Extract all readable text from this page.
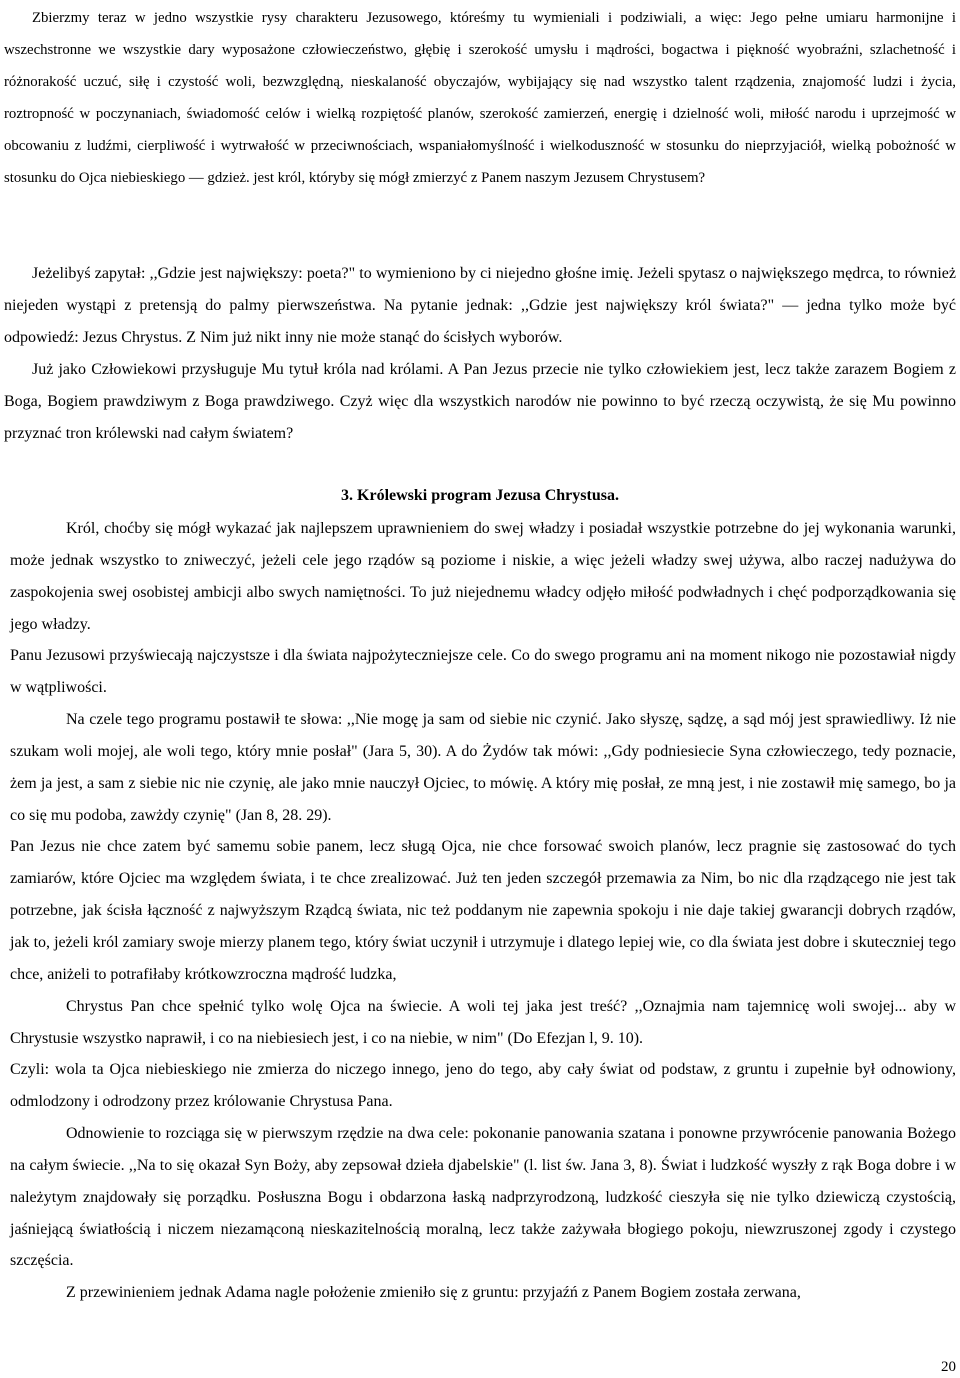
Zbierzmy teraz w jedno wszystkie rysy charakteru Jezusowego, któreśmy tu wymieniali i podziwiali, a więc: Jego pełne umiaru harmonijne i wszechstronne we wszystkie dary wyposażone człowieczeństwo, głębię i szerokość umysłu i mądrości, bogactwa i piękność wyobraźni, szlachetność i różnorakość uczuć, siłę i czystość woli, bezwzględną, nieskalaność obyczajów, wybijający się nad wszystko talent rządzenia, znajomość ludzi i życia, roztropność w poczynaniach, świadomość celów i wielką rozpiętość planów, szerokość zamierzeń, energię i dzielność woli, miłość narodu i uprzejmość w obcowaniu z ludźmi, cierpliwość i wytrwałość w przeciwnościach, wspaniałomyślność i wielkoduszność w stosunku do nieprzyjaciół, wielką pobożność w stosunku do Ojca niebieskiego — gdzież. jest król, któryby się mógł zmierzyć z Panem naszym Jezusem Chrystusem?

Jeżelibyś zapytał: ,,Gdzie jest największy: poeta?" to wymieniono by ci niejedno głośne imię. Jeżeli spytasz o największego mędrca, to również niejeden wystąpi z pretensją do palmy pierwszeństwa. Na pytanie jednak: ,,Gdzie jest największy król świata?" — jedna tylko może być odpowiedź: Jezus Chrystus. Z Nim już nikt inny nie może stanąć do ścisłych wyborów.

Już jako Człowiekowi przysługuje Mu tytuł króla nad królami. A Pan Jezus przecie nie tylko człowiekiem jest, lecz także zarazem Bogiem z Boga, Bogiem prawdziwym z Boga prawdziwego. Czyż więc dla wszystkich narodów nie powinno to być rzeczą oczywistą, że się Mu powinno przyznać tron królewski nad całym światem?

3. Królewski program Jezusa Chrystusa.

Król, choćby się mógł wykazać jak najlepszem uprawnieniem do swej władzy i posiadał wszystkie potrzebne do jej wykonania warunki, może jednak wszystko to zniweczyć, jeżeli cele jego rządów są poziome i niskie, a więc jeżeli władzy swej używa, albo raczej nadużywa do zaspokojenia swej osobistej ambicji albo swych namiętności. To już niejednemu władcy odjęło miłość podwładnych i chęć podporządkowania się jego władzy.

Panu Jezusowi przyświecają najczystsze i dla świata najpożyteczniejsze cele. Co do swego programu ani na moment nikogo nie pozostawiał nigdy w wątpliwości.

Na czele tego programu postawił te słowa: ,,Nie mogę ja sam od siebie nic czynić. Jako słyszę, sądzę, a sąd mój jest sprawiedliwy. Iż nie szukam woli mojej, ale woli tego, który mnie posłał" (Jara 5, 30). A do Żydów tak mówi: ,,Gdy podniesiecie Syna człowieczego, tedy poznacie, żem ja jest, a sam z siebie nic nie czynię, ale jako mnie nauczył Ojciec, to mówię. A który mię posłał, ze mną jest, i nie zostawił mię samego, bo ja co się mu podoba, zawżdy czynię" (Jan 8, 28. 29).

Pan Jezus nie chce zatem być samemu sobie panem, lecz sługą Ojca, nie chce forsować swoich planów, lecz pragnie się zastosować do tych zamiarów, które Ojciec ma względem świata, i te chce zrealizować. Już ten jeden szczegół przemawia za Nim, bo nic dla rządzącego nie jest tak potrzebne, jak ścisła łączność z najwyższym Rządcą świata, nic też poddanym nie zapewnia spokoju i nie daje takiej gwarancji dobrych rządów, jak to, jeżeli król zamiary swoje mierzy planem tego, który świat uczynił i utrzymuje i dlatego lepiej wie, co dla świata jest dobre i skuteczniej tego chce, aniżeli to potrafiłaby krótkowzroczna mądrość ludzka,

Chrystus Pan chce spełnić tylko wolę Ojca na świecie. A woli tej jaka jest treść? ,,Oznajmia nam tajemnicę woli swojej... aby w Chrystusie wszystko naprawił, i co na niebiesiech jest, i co na niebie, w nim" (Do Efezjan l, 9. 10).

Czyli: wola ta Ojca niebieskiego nie zmierza do niczego innego, jeno do tego, aby cały świat od podstaw, z gruntu i zupełnie był odnowiony, odmlodzony i odrodzony przez królowanie Chrystusa Pana.

Odnowienie to rozciąga się w pierwszym rzędzie na dwa cele: pokonanie panowania szatana i ponowne przywrócenie panowania Bożego na całym świecie. ,,Na to się okazał Syn Boży, aby zepsował dzieła djabelskie" (l. list św. Jana 3, 8). Świat i ludzkość wyszły z rąk Boga dobre i w należytym znajdowały się porządku. Posłuszna Bogu i obdarzona łaską nadprzyrodzoną, ludzkość cieszyła się nie tylko dziewiczą czystością, jaśniejącą światłością i niczem niezamąconą nieskazitelnością moralną, lecz także zażywała błogiego pokoju, niewzruszonej zgody i czystego szczęścia.

Z przewinieniem jednak Adama nagle położenie zmieniło się z gruntu: przyjaźń z Panem Bogiem została zerwana,

20
